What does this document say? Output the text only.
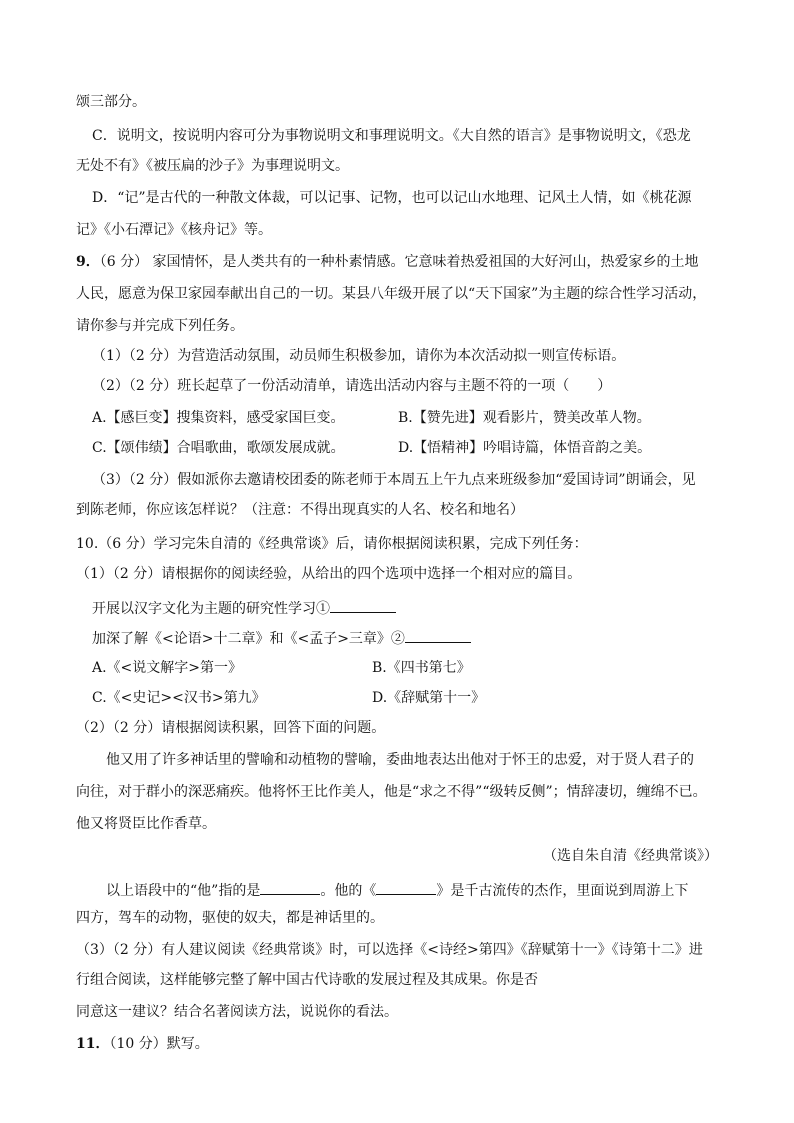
颂三部分。
C．说明文，按说明内容可分为事物说明文和事理说明文。《大自然的语言》是事物说明文，《恐龙
无处不有》《被压扁的沙子》为事理说明文。
D．“记”是古代的一种散文体裁，可以记事、记物，也可以记山水地理、记风土人情，如《桃花源
记》《小石潭记》《核舟记》等。
9．（6 分） 家国情怀，是人类共有的一种朴素情感。它意味着热爱祖国的大好河山，热爱家乡的土地
人民，愿意为保卫家园奉献出自己的一切。某县八年级开展了以“天下国家”为主题的综合性学习活动，
请你参与并完成下列任务。
（1）（2 分）为营造活动氛围，动员师生积极参加，请你为本次活动拟一则宣传标语。
（2）（2 分）班长起草了一份活动清单，请选出活动内容与主题不符的一项（　　）
A.【感巨变】搜集资料，感受家国巨变。	B.【赞先进】观看影片，赞美改革人物。
C.【颂伟绩】合唱歌曲，歌颂发展成就。	D.【悟精神】吟唱诗篇，体悟音韵之美。
（3）（2 分）假如派你去邀请校团委的陈老师于本周五上午九点来班级参加“爱国诗词”朗诵会，见
到陈老师，你应该怎样说？（注意：不得出现真实的人名、校名和地名）
10.（6 分）学习完朱自清的《经典常谈》后，请你根据阅读积累，完成下列任务：
（1）（2 分）请根据你的阅读经验，从给出的四个选项中选择一个相对应的篇目。
开展以汉字文化为主题的研究性学习①
加深了解《<论语>十二章》和《<孟子>三章》②
A.《<说文解字>第一》	B.《四书第七》
C.《<史记><汉书>第九》	D.《辞赋第十一》
（2）（2 分）请根据阅读积累，回答下面的问题。
他又用了许多神话里的譬喻和动植物的譬喻，委曲地表达出他对于怀王的忠爱，对于贤人君子的
向往，对于群小的深恶痛疾。他将怀王比作美人，他是“求之不得”“级转反侧”；情辞凄切，缠绵不已。
他又将贤臣比作香草。
（选自朱自清《经典常谈》）
以上语段中的“他”指的是	。他的《	》是千古流传的杰作，里面说到周游上下
四方，驾车的动物，驱使的奴夫，都是神话里的。
（3）（2 分）有人建议阅读《经典常谈》时，可以选择《<诗经>第四》《辞赋第十一》《诗第十二》进
行组合阅读，这样能够完整了解中国古代诗歌的发展过程及其成果。你是否
同意这一建议？结合名著阅读方法，说说你的看法。
11．（10 分）默写。
